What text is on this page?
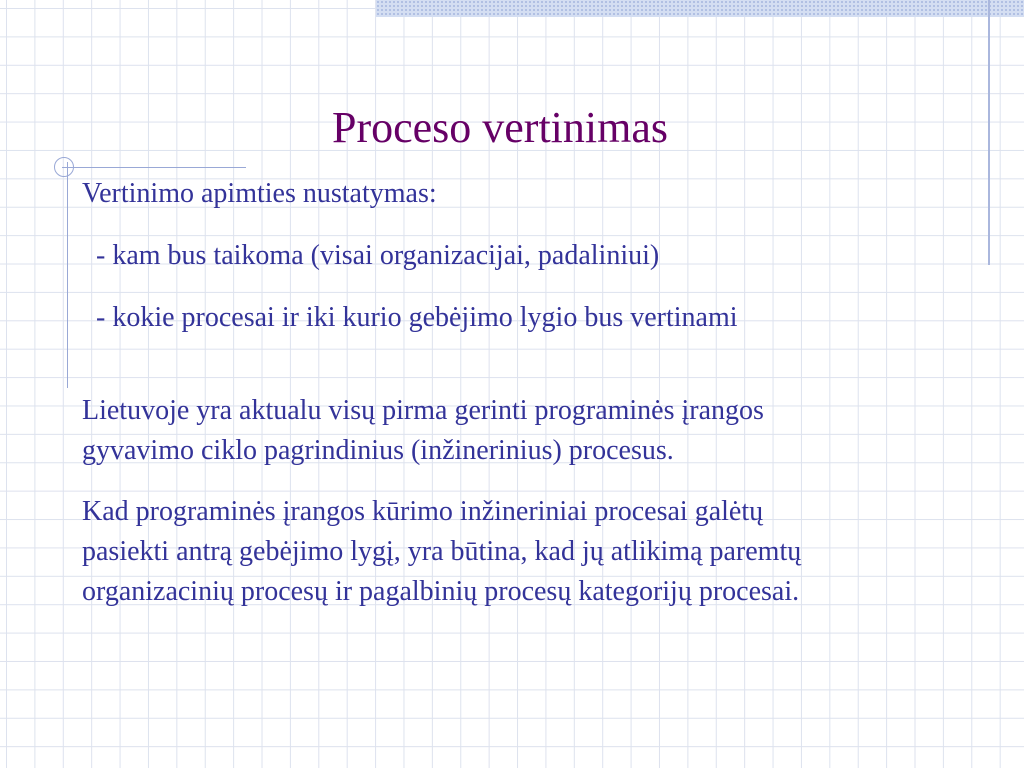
Proceso vertinimas

Vertinimo apimties nustatymas:

- kam bus taikoma (visai organizacijai, padaliniui)

- kokie procesai ir iki kurio gebėjimo lygio bus vertinami

Lietuvoje yra aktualu visų pirma gerinti programinės įrangos
gyvavimo ciklo pagrindinius (inžinerinius) procesus.
Kad programinės įrangos kūrimo inžineriniai procesai galėtų
pasiekti antrą gebėjimo lygį, yra būtina, kad jų atlikimą paremtų
organizacinių procesų ir pagalbinių procesų kategorijų procesai.
